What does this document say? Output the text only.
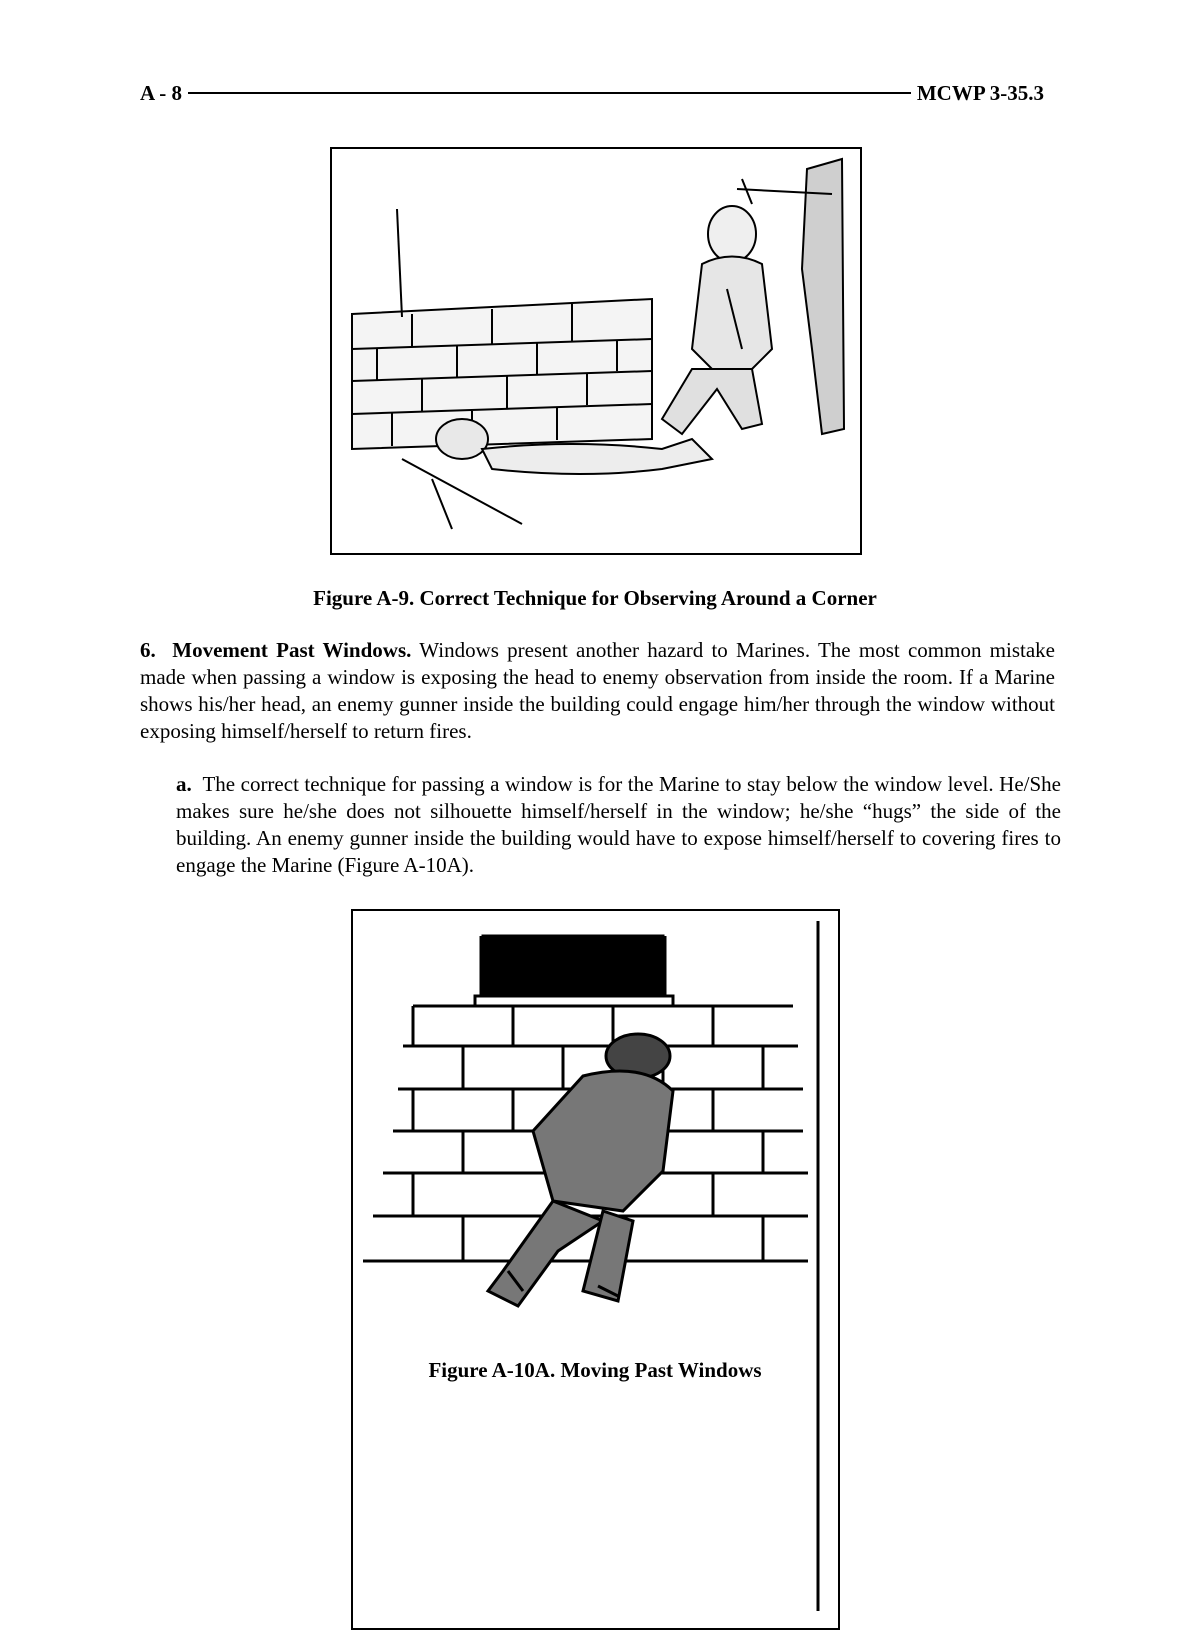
A - 8	MCWP 3-35.3
Figure A-9. Correct Technique for Observing Around a Corner
6. Movement Past Windows. Windows present another hazard to Marines. The most common mistake made when passing a window is exposing the head to enemy observation from inside the room. If a Marine shows his/her head, an enemy gunner inside the building could engage him/her through the window without exposing himself/herself to return fires.
a. The correct technique for passing a window is for the Marine to stay below the window level. He/She makes sure he/she does not silhouette himself/herself in the window; he/she “hugs” the side of the building. An enemy gunner inside the building would have to expose himself/herself to covering fires to engage the Marine (Figure A-10A).
Figure A-10A. Moving Past Windows
